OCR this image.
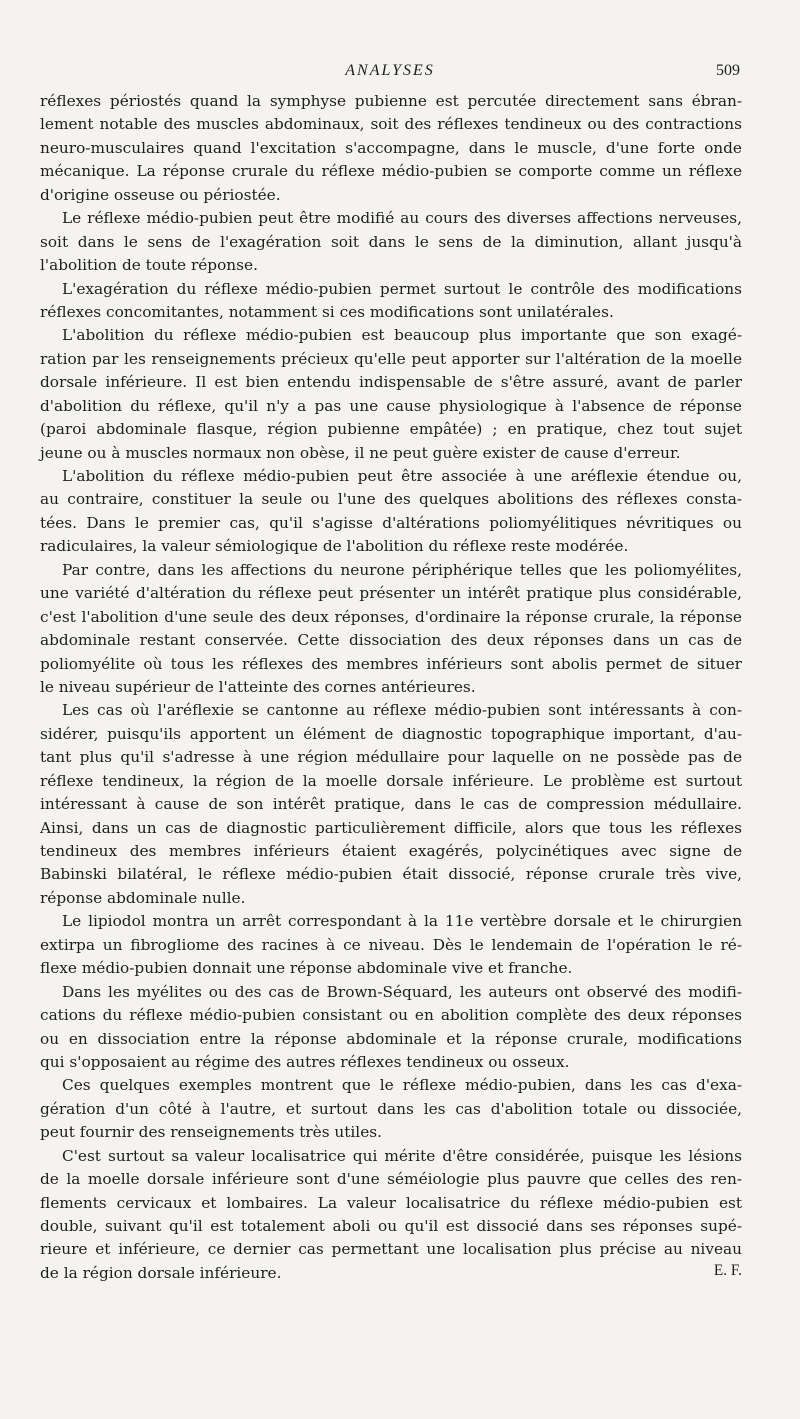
ANALYSES	509
réflexes périostés quand la symphyse pubienne est percutée directement sans ébran-
lement notable des muscles abdominaux, soit des réflexes tendineux ou des contractions
neuro-musculaires quand l'excitation s'accompagne, dans le muscle, d'une forte onde
mécanique. La réponse crurale du réflexe médio-pubien se comporte comme un réflexe
d'origine osseuse ou périostée.
Le réflexe médio-pubien peut être modifié au cours des diverses affections nerveuses,
soit dans le sens de l'exagération soit dans le sens de la diminution, allant jusqu'à
l'abolition de toute réponse.
L'exagération du réflexe médio-pubien permet surtout le contrôle des modifications
réflexes concomitantes, notamment si ces modifications sont unilatérales.
L'abolition du réflexe médio-pubien est beaucoup plus importante que son exagé-
ration par les renseignements précieux qu'elle peut apporter sur l'altération de la moelle
dorsale inférieure. Il est bien entendu indispensable de s'être assuré, avant de parler
d'abolition du réflexe, qu'il n'y a pas une cause physiologique à l'absence de réponse
(paroi abdominale flasque, région pubienne empâtée) ; en pratique, chez tout sujet
jeune ou à muscles normaux non obèse, il ne peut guère exister de cause d'erreur.
L'abolition du réflexe médio-pubien peut être associée à une aréflexie étendue ou,
au contraire, constituer la seule ou l'une des quelques abolitions des réflexes consta-
tées. Dans le premier cas, qu'il s'agisse d'altérations poliomyélitiques névritiques ou
radiculaires, la valeur sémiologique de l'abolition du réflexe reste modérée.
Par contre, dans les affections du neurone périphérique telles que les poliomyélites,
une variété d'altération du réflexe peut présenter un intérêt pratique plus considérable,
c'est l'abolition d'une seule des deux réponses, d'ordinaire la réponse crurale, la réponse
abdominale restant conservée. Cette dissociation des deux réponses dans un cas de
poliomyélite où tous les réflexes des membres inférieurs sont abolis permet de situer
le niveau supérieur de l'atteinte des cornes antérieures.
Les cas où l'aréflexie se cantonne au réflexe médio-pubien sont intéressants à con-
sidérer, puisqu'ils apportent un élément de diagnostic topographique important, d'au-
tant plus qu'il s'adresse à une région médullaire pour laquelle on ne possède pas de
réflexe tendineux, la région de la moelle dorsale inférieure. Le problème est surtout
intéressant à cause de son intérêt pratique, dans le cas de compression médullaire.
Ainsi, dans un cas de diagnostic particulièrement difficile, alors que tous les réflexes
tendineux des membres inférieurs étaient exagérés, polycinétiques avec signe de
Babinski bilatéral, le réflexe médio-pubien était dissocié, réponse crurale très vive,
réponse abdominale nulle.
Le lipiodol montra un arrêt correspondant à la 11e vertèbre dorsale et le chirurgien
extirpa un fibrogliome des racines à ce niveau. Dès le lendemain de l'opération le ré-
flexe médio-pubien donnait une réponse abdominale vive et franche.
Dans les myélites ou des cas de Brown-Séquard, les auteurs ont observé des modifi-
cations du réflexe médio-pubien consistant ou en abolition complète des deux réponses
ou en dissociation entre la réponse abdominale et la réponse crurale, modifications
qui s'opposaient au régime des autres réflexes tendineux ou osseux.
Ces quelques exemples montrent que le réflexe médio-pubien, dans les cas d'exa-
gération d'un côté à l'autre, et surtout dans les cas d'abolition totale ou dissociée,
peut fournir des renseignements très utiles.
C'est surtout sa valeur localisatrice qui mérite d'être considérée, puisque les lésions
de la moelle dorsale inférieure sont d'une séméiologie plus pauvre que celles des ren-
flements cervicaux et lombaires. La valeur localisatrice du réflexe médio-pubien est
double, suivant qu'il est totalement aboli ou qu'il est dissocié dans ses réponses supé-
rieure et inférieure, ce dernier cas permettant une localisation plus précise au niveau
de la région dorsale inférieure.	E. F.
